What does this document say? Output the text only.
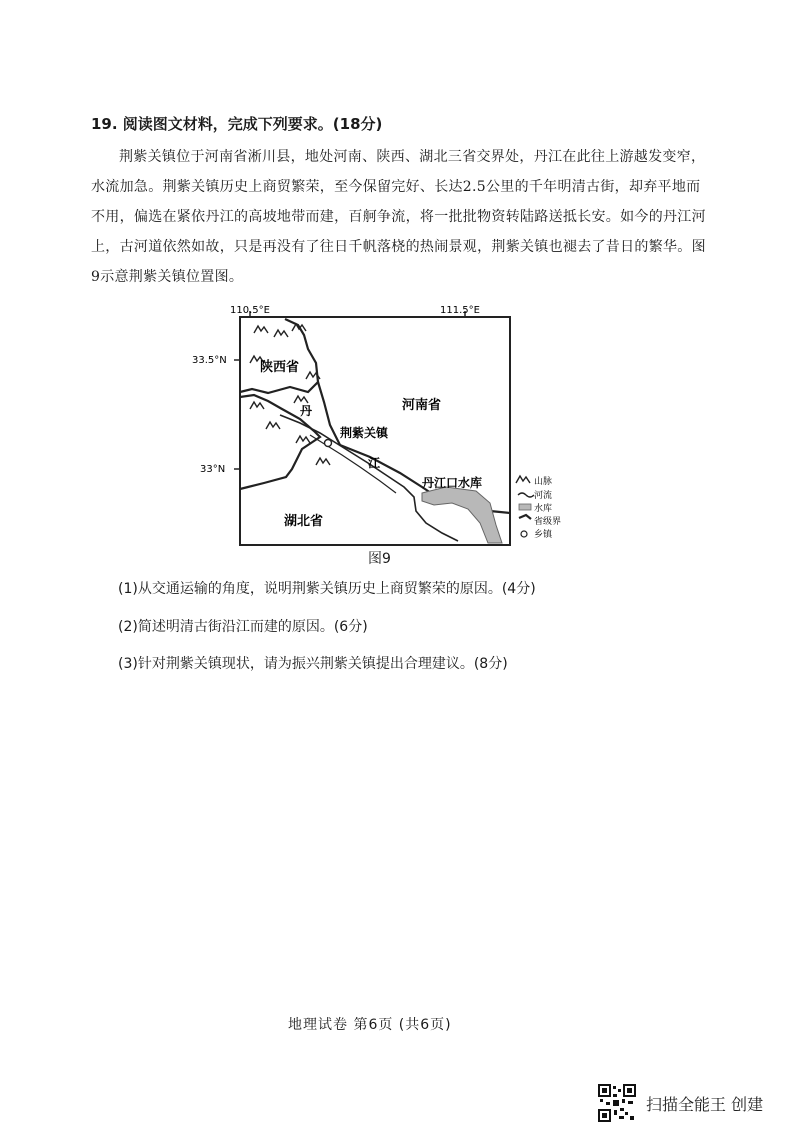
19. 阅读图文材料，完成下列要求。(18分)
荆紫关镇位于河南省淅川县，地处河南、陕西、湖北三省交界处，丹江在此往上游越发变窄，水流加急。荆紫关镇历史上商贸繁荣，至今保留完好、长达2.5公里的千年明清古街，却弃平地而不用，偏选在紧依丹江的高坡地带而建，百舸争流，将一批批物资转陆路送抵长安。如今的丹江河上，古河道依然如故，只是再没有了往日千帆落桡的热闹景观，荆紫关镇也褪去了昔日的繁华。图9示意荆紫关镇位置图。
110.5°E	111.5°E
33.5°N
33°N
陕西省
河南省
湖北省
丹
江
荆紫关镇
丹江口水库	山脉
河流
水库
省级界
乡镇
图9
(1)从交通运输的角度，说明荆紫关镇历史上商贸繁荣的原因。(4分)
(2)简述明清古街沿江而建的原因。(6分)
(3)针对荆紫关镇现状，请为振兴荆紫关镇提出合理建议。(8分)
地理试卷 第6页 (共6页)
扫描全能王 创建
